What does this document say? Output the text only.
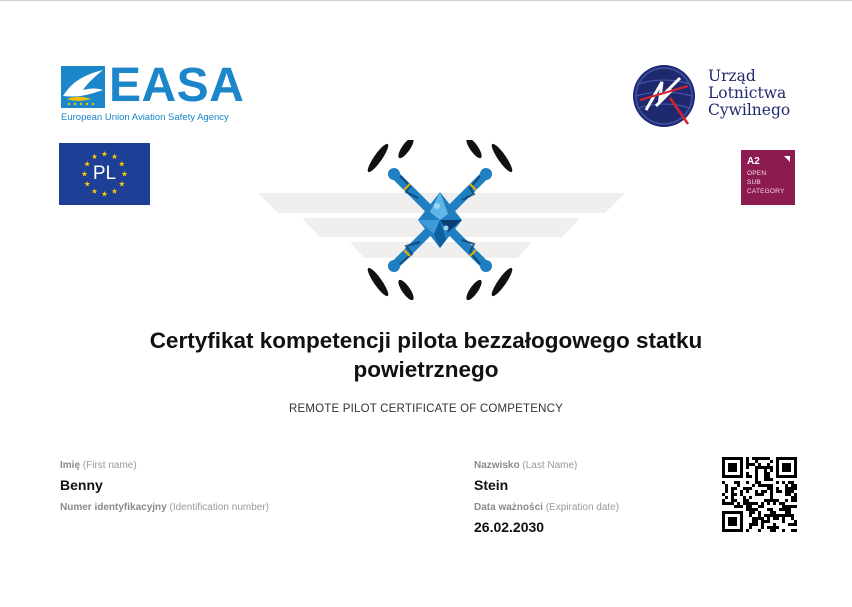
EASA
European Union Aviation Safety Agency
Urząd
Lotnictwa
Cywilnego
PL
A2
OPEN
SUB
CATEGORY
Certyfikat kompetencji pilota bezzałogowego statku powietrznego
REMOTE PILOT CERTIFICATE OF COMPETENCY
Imię (First name)
Benny
Numer identyfikacyjny (Identification number)
Nazwisko (Last Name)
Stein
Data ważności (Expiration date)
26.02.2030
